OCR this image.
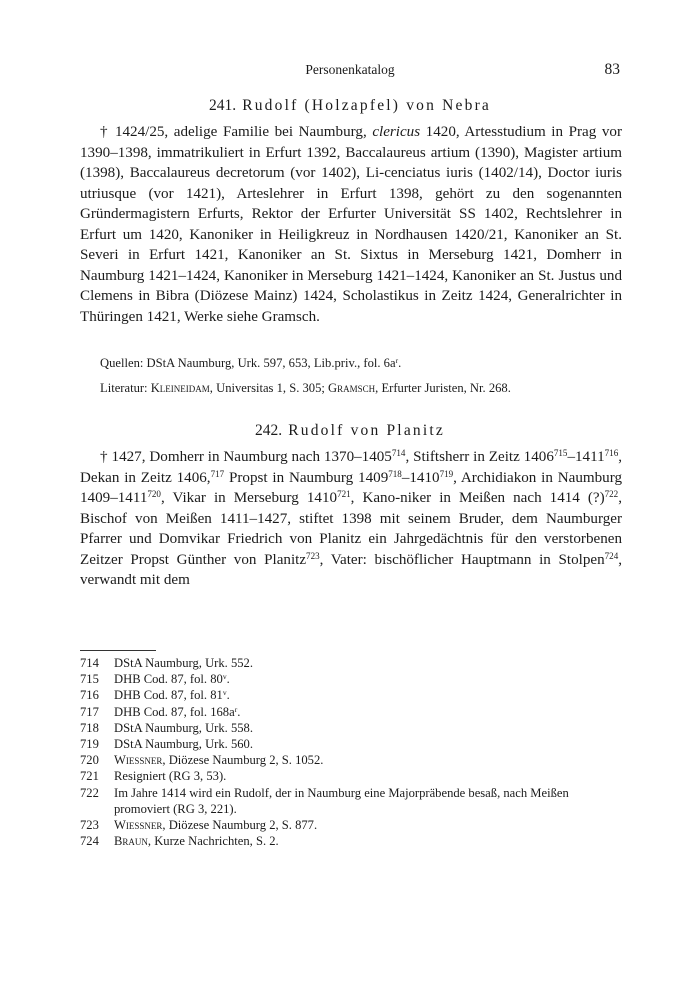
Personenkatalog	83
241. Rudolf (Holzapfel) von Nebra

† 1424/25, adelige Familie bei Naumburg, clericus 1420, Artesstudium in Prag vor 1390–1398, immatrikuliert in Erfurt 1392, Baccalaureus artium (1390), Magister artium (1398), Baccalaureus decretorum (vor 1402), Li-cenciatus iuris (1402/14), Doctor iuris utriusque (vor 1421), Arteslehrer in Erfurt 1398, gehört zu den sogenannten Gründermagistern Erfurts, Rektor der Erfurter Universität SS 1402, Rechtslehrer in Erfurt um 1420, Kanoniker in Heiligkreuz in Nordhausen 1420/21, Kanoniker an St. Severi in Erfurt 1421, Kanoniker an St. Sixtus in Merseburg 1421, Domherr in Naumburg 1421–1424, Kanoniker in Merseburg 1421–1424, Kanoniker an St. Justus und Clemens in Bibra (Diözese Mainz) 1424, Scholastikus in Zeitz 1424, Generalrichter in Thüringen 1421, Werke siehe Gramsch.

Quellen: DStA Naumburg, Urk. 597, 653, Lib.priv., fol. $6a^r$.
Literatur: Kleineidam, Universitas 1, S. 305; Gramsch, Erfurter Juristen, Nr. 268.
242. Rudolf von Planitz

† 1427, Domherr in Naumburg nach 1370–1405$^{714}$, Stiftsherr in Zeitz 1406$^{715}$–1411$^{716}$, Dekan in Zeitz 1406,$^{717}$ Propst in Naumburg 1409$^{718}$–1410$^{719}$, Archidiakon in Naumburg 1409–1411$^{720}$, Vikar in Merseburg 1410$^{721}$, Kano-niker in Meißen nach 1414 (?)$^{722}$, Bischof von Meißen 1411–1427, stiftet 1398 mit seinem Bruder, dem Naumburger Pfarrer und Domvikar Friedrich von Planitz ein Jahrgedächtnis für den verstorbenen Zeitzer Propst Günther von Planitz$^{723}$, Vater: bischöflicher Hauptmann in Stolpen$^{724}$, verwandt mit dem

714 DStA Naumburg, Urk. 552.
715 DHB Cod. 87, fol. 80$^v$.
716 DHB Cod. 87, fol. 81$^v$.
717 DHB Cod. 87, fol. $168a^r$.
718 DStA Naumburg, Urk. 558.
719 DStA Naumburg, Urk. 560.
720 Wiessner, Diözese Naumburg 2, S. 1052.
721 Resigniert (RG 3, 53).
722 Im Jahre 1414 wird ein Rudolf, der in Naumburg eine Majorpräbende besaß, nach Meißen promoviert (RG 3, 221).
723 Wiessner, Diözese Naumburg 2, S. 877.
724 Braun, Kurze Nachrichten, S. 2.
